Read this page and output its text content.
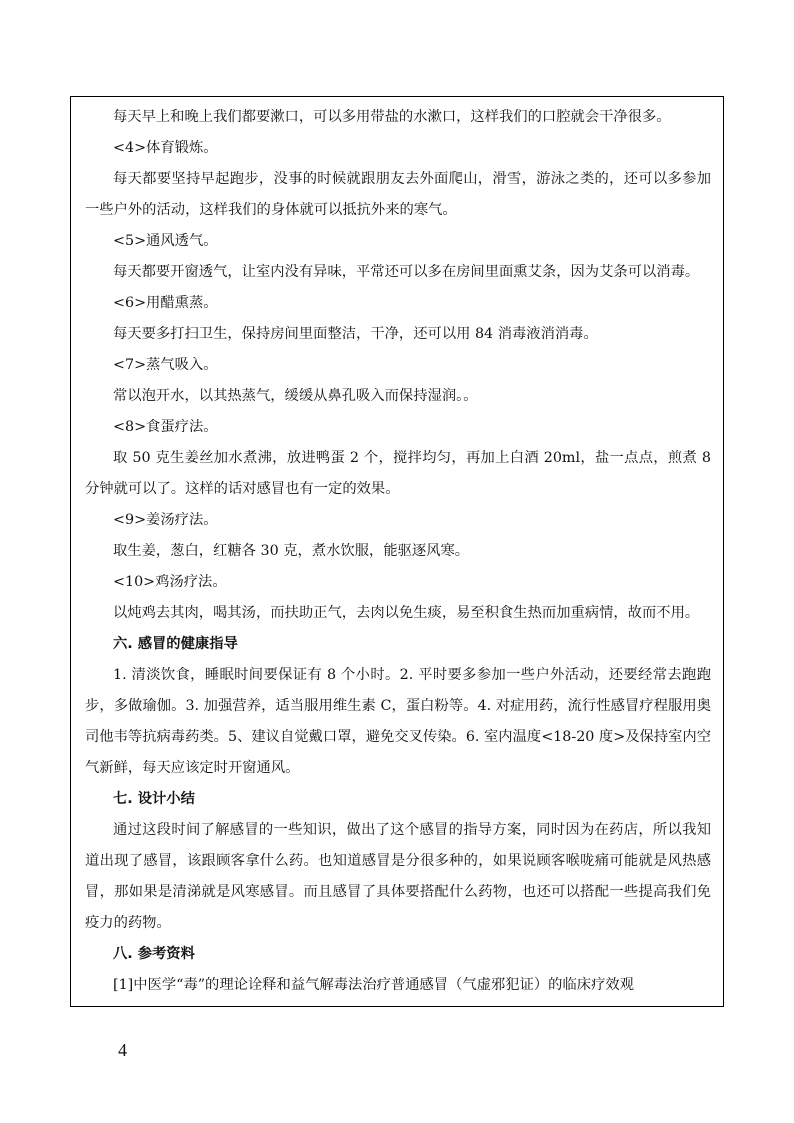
每天早上和晚上我们都要漱口，可以多用带盐的水漱口，这样我们的口腔就会干净很多。

<4>体育锻炼。

每天都要坚持早起跑步，没事的时候就跟朋友去外面爬山，滑雪，游泳之类的，还可以多参加一些户外的活动，这样我们的身体就可以抵抗外来的寒气。

<5>通风透气。

每天都要开窗透气，让室内没有异味，平常还可以多在房间里面熏艾条，因为艾条可以消毒。

<6>用醋熏蒸。

每天要多打扫卫生，保持房间里面整洁，干净，还可以用 84 消毒液消消毒。

<7>蒸气吸入。

常以泡开水，以其热蒸气，缓缓从鼻孔吸入而保持湿润。。

<8>食蛋疗法。

取 50 克生姜丝加水煮沸，放进鸭蛋 2 个，搅拌均匀，再加上白酒 20ml，盐一点点，煎煮 8 分钟就可以了。这样的话对感冒也有一定的效果。

<9>姜汤疗法。

取生姜，葱白，红糖各 30 克，煮水饮服，能驱逐风寒。

<10>鸡汤疗法。

以炖鸡去其肉，喝其汤，而扶助正气，去肉以免生痰，易至积食生热而加重病情，故而不用。

六. 感冒的健康指导

1. 清淡饮食，睡眠时间要保证有 8 个小时。2. 平时要多参加一些户外活动，还要经常去跑跑步，多做瑜伽。3. 加强营养，适当服用维生素 C，蛋白粉等。4. 对症用药，流行性感冒疗程服用奥司他韦等抗病毒药类。5、建议自觉戴口罩，避免交叉传染。6. 室内温度<18-20 度>及保持室内空气新鲜，每天应该定时开窗通风。

七. 设计小结

通过这段时间了解感冒的一些知识，做出了这个感冒的指导方案，同时因为在药店，所以我知道出现了感冒，该跟顾客拿什么药。也知道感冒是分很多种的，如果说顾客喉咙痛可能就是风热感冒，那如果是清涕就是风寒感冒。而且感冒了具体要搭配什么药物，也还可以搭配一些提高我们免疫力的药物。

八. 参考资料

[1]中医学“毒”的理论诠释和益气解毒法治疗普通感冒（气虚邪犯证）的临床疗效观

4
